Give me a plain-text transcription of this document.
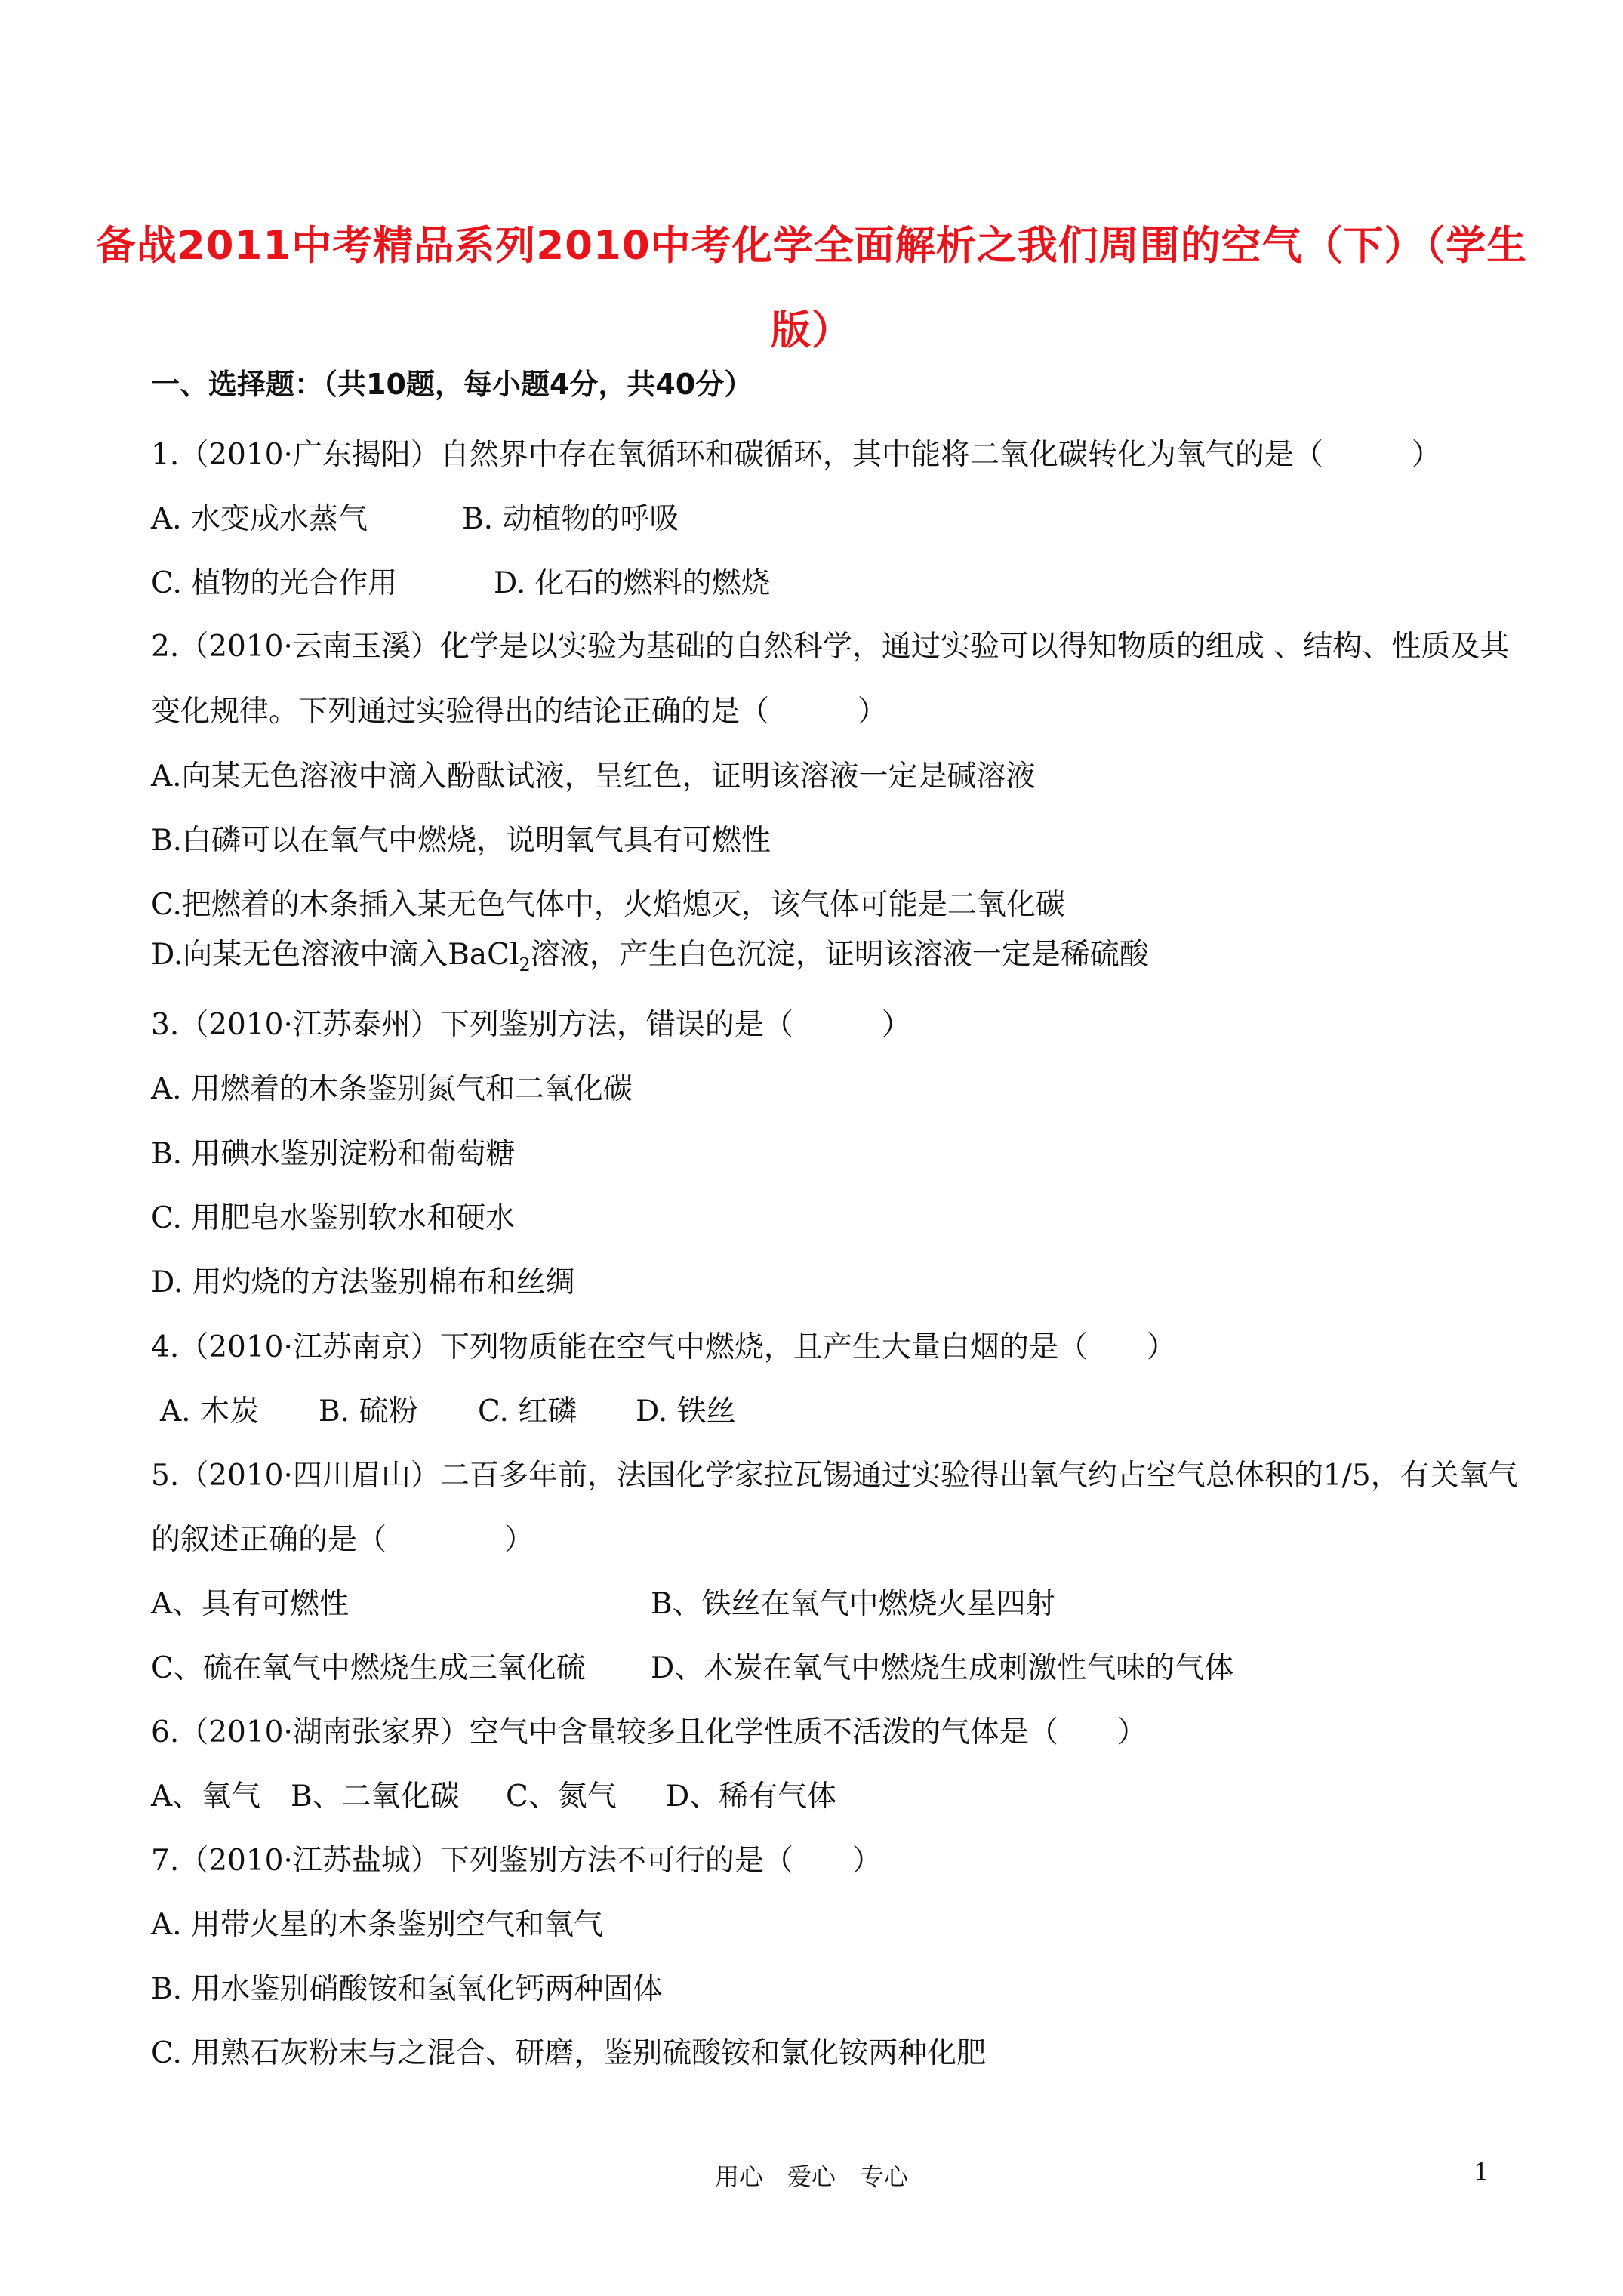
备战2011中考精品系列2010中考化学全面解析之我们周围的空气（下）（学生
版）
一、选择题：（共10题，每小题4分，共40分）
1.（2010·广东揭阳）自然界中存在氧循环和碳循环，其中能将二氧化碳转化为氧气的是（　　　）
A. 水变成水蒸气	B. 动植物的呼吸
C. 植物的光合作用	D. 化石的燃料的燃烧
2.（2010·云南玉溪）化学是以实验为基础的自然科学，通过实验可以得知物质的组成 、结构、性质及其
变化规律。下列通过实验得出的结论正确的是（　　　）
A.向某无色溶液中滴入酚酞试液，呈红色，证明该溶液一定是碱溶液
B.白磷可以在氧气中燃烧，说明氧气具有可燃性
C.把燃着的木条插入某无色气体中，火焰熄灭，该气体可能是二氧化碳
D.向某无色溶液中滴入BaCl$_2$溶液，产生白色沉淀，证明该溶液一定是稀硫酸
3.（2010·江苏泰州）下列鉴别方法，错误的是（　　　）
A. 用燃着的木条鉴别氮气和二氧化碳
B. 用碘水鉴别淀粉和葡萄糖
C. 用肥皂水鉴别软水和硬水
D. 用灼烧的方法鉴别棉布和丝绸
4.（2010·江苏南京）下列物质能在空气中燃烧，且产生大量白烟的是（　　）
A. 木炭 B. 硫粉 C. 红磷 D. 铁丝
5.（2010·四川眉山）二百多年前，法国化学家拉瓦锡通过实验得出氧气约占空气总体积的1/5，有关氧气
的叙述正确的是（　　　　）
A、具有可燃性	B、铁丝在氧气中燃烧火星四射
C、硫在氧气中燃烧生成三氧化硫 D、木炭在氧气中燃烧生成刺激性气味的气体
6.（2010·湖南张家界）空气中含量较多且化学性质不活泼的气体是（　　）
A、氧气 B、二氧化碳 C、氮气 D、稀有气体
7.（2010·江苏盐城）下列鉴别方法不可行的是（　　）
A. 用带火星的木条鉴别空气和氧气
B. 用水鉴别硝酸铵和氢氧化钙两种固体
C. 用熟石灰粉末与之混合、研磨，鉴别硫酸铵和氯化铵两种化肥
用心　爱心　专心	1
